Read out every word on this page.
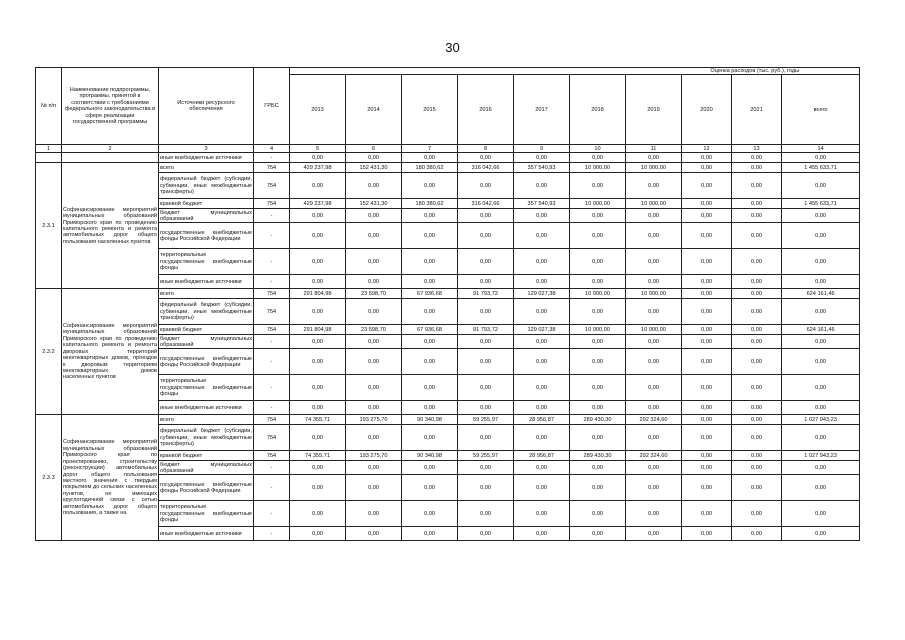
30
№ п/п	Наименование подпрограммы, программы, принятой в соответствии с требованиями федерального законодательства в сфере реализации государственной программы	Источники ресурсного обеспечения	ГРБС	Оценка расходов (тыс. руб.), годы									
				2013	2014	2015	2016	2017	2018	2019	2020	2021	всего
1	2	3	4	5	6	7	8	9	10	11	12	13	14
		иные внебюджетные источники	-	0,00	0,00	0,00	0,00	0,00	0,00	0,00	0,00	0,00	0,00
2.3.1	Софинансирование мероприятий муниципальных образований Приморского края по проведению капитального ремонта и ремонта автомобильных дорог общего пользования населенных пунктов	всего	754	429 237,98	152 431,30	180 380,62	316 042,66	357 540,93	10 000,00	10 000,00	0,00	0,00	1 455 633,71
		федеральный бюджет (субсидии, субвенции, иные межбюджетные трансферты)	754	0,00	0,00	0,00	0,00	0,00	0,00	0,00	0,00	0,00	0,00
		краевой бюджет	754	429 237,98	152 431,30	180 380,62	316 042,66	357 540,93	10 000,00	10 000,00	0,00	0,00	1 455 633,71
		бюджет муниципальных образований	-	0,00	0,00	0,00	0,00	0,00	0,00	0,00	0,00	0,00	0,00
		государственные внебюджетные фонды Российской Федерации	-	0,00	0,00	0,00	0,00	0,00	0,00	0,00	0,00	0,00	0,00
		территориальные государственные внебюджетные фонды	-	0,00	0,00	0,00	0,00	0,00	0,00	0,00	0,00	0,00	0,00
		иные внебюджетные источники	-	0,00	0,00	0,00	0,00	0,00	0,00	0,00	0,00	0,00	0,00
2.3.2	Софинансирование мероприятий муниципальных образований Приморского края по проведению капитального ремонта и ремонта дворовых территорий многоквартирных домов, проездов к дворовым территориям многоквартирных домов населенных пунктов	всего	754	291 804,98	23 598,70	67 936,68	91 793,72	129 027,38	10 000,00	10 000,00	0,00	0,00	624 161,46
		федеральный бюджет (субсидии, субвенции, иные межбюджетные трансферты)	754	0,00	0,00	0,00	0,00	0,00	0,00	0,00	0,00	0,00	0,00
		краевой бюджет	754	291 804,98	23 598,70	67 936,68	91 793,72	129 027,38	10 000,00	10 000,00	0,00	0,00	624 161,46
		бюджет муниципальных образований	-	0,00	0,00	0,00	0,00	0,00	0,00	0,00	0,00	0,00	0,00
		государственные внебюджетные фонды Российской Федерации	-	0,00	0,00	0,00	0,00	0,00	0,00	0,00	0,00	0,00	0,00
		территориальные государственные внебюджетные фонды	-	0,00	0,00	0,00	0,00	0,00	0,00	0,00	0,00	0,00	0,00
		иные внебюджетные источники	-	0,00	0,00	0,00	0,00	0,00	0,00	0,00	0,00	0,00	0,00
2.3.3	Софинансирование мероприятий муниципальных образований Приморского края по проектированию, строительству (реконструкции) автомобильных дорог общего пользования местного значения с твердым покрытием до сельских населенных пунктов, не имеющих круглогодичной связи с сетью автомобильных дорог общего пользования, а также на	всего	754	74 355,71	193 275,70	90 340,98	59 255,97	28 956,87	289 430,30	292 324,60	0,00	0,00	1 027 943,23
		федеральный бюджет (субсидии, субвенции, иные межбюджетные трансферты)	754	0,00	0,00	0,00	0,00	0,00	0,00	0,00	0,00	0,00	0,00
		краевой бюджет	754	74 355,71	193 275,70	90 340,98	59 255,97	28 956,87	289 430,30	292 324,60	0,00	0,00	1 027 943,23
		бюджет муниципальных образований	-	0,00	0,00	0,00	0,00	0,00	0,00	0,00	0,00	0,00	0,00
		государственные внебюджетные фонды Российской Федерации	-	0,00	0,00	0,00	0,00	0,00	0,00	0,00	0,00	0,00	0,00
		территориальные государственные внебюджетные фонды	-	0,00	0,00	0,00	0,00	0,00	0,00	0,00	0,00	0,00	0,00
		иные внебюджетные источники	-	0,00	0,00	0,00	0,00	0,00	0,00	0,00	0,00	0,00	0,00
